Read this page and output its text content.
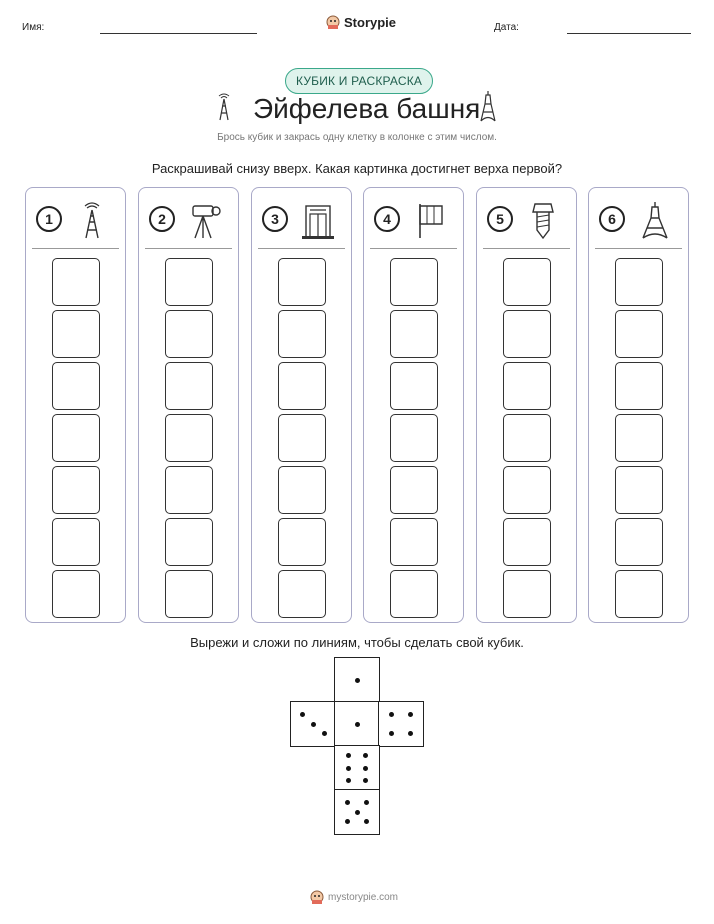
Имя:	Storypie	Дата:
КУБИК И РАСКРАСКА
Эйфелева башня
Брось кубик и закрась одну клетку в колонке с этим числом.
Раскрашивай снизу вверх. Какая картинка достигнет верха первой?
1	2	3	4	5	6
Вырежи и сложи по линиям, чтобы сделать свой кубик.
mystorypie.com
